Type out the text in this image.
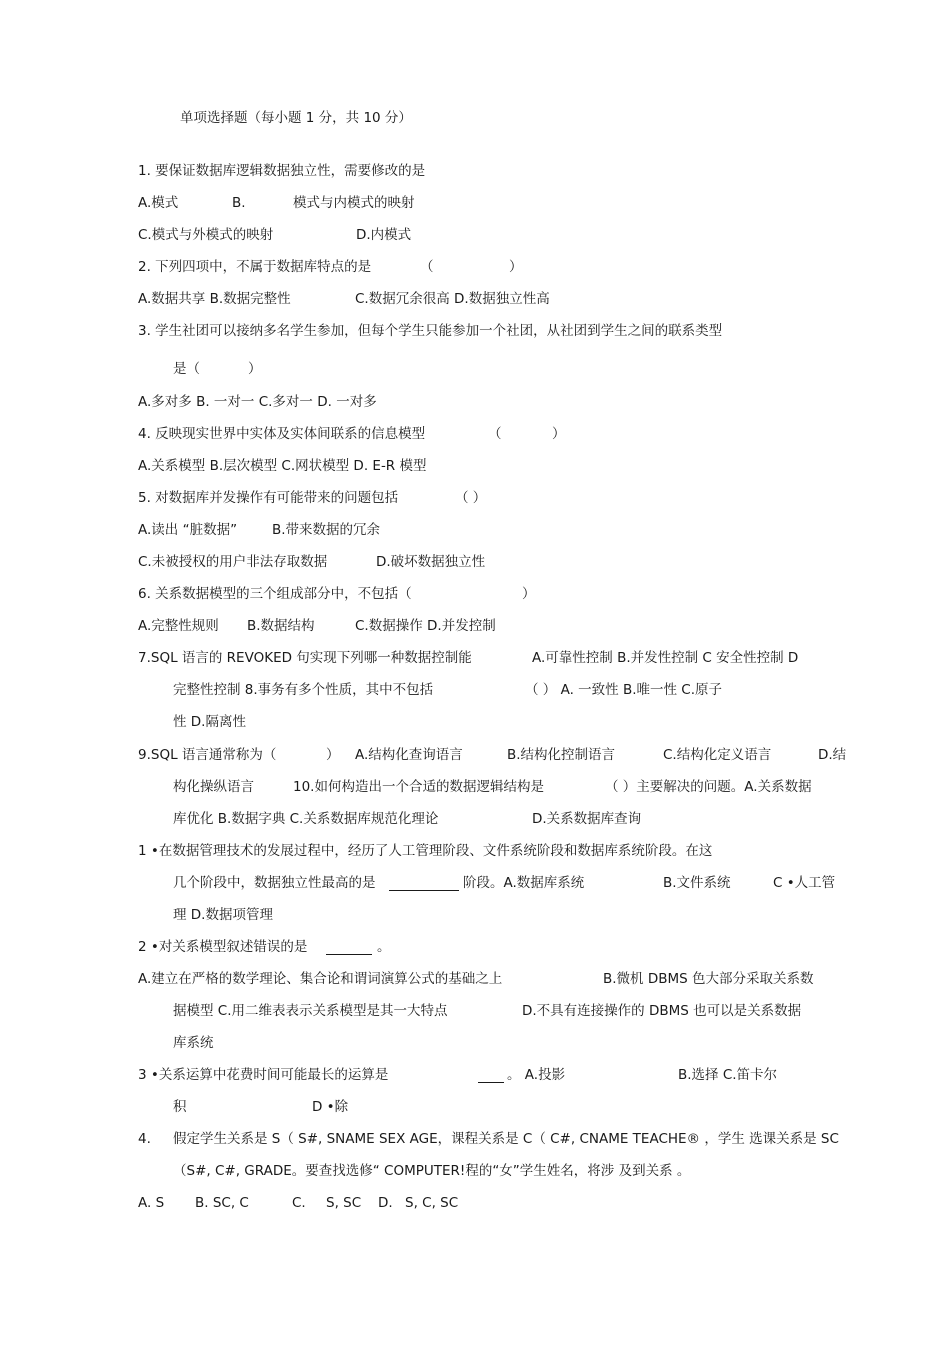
单项选择题（每小题 1 分，共 10 分）
1. 要保证数据库逻辑数据独立性，需要修改的是
A.模式	B.	模式与内模式的映射
C.模式与外模式的映射	D.内模式
2. 下列四项中，不属于数据库特点的是	（	）
A.数据共享 B.数据完整性	C.数据冗余很高 D.数据独立性高
3. 学生社团可以接纳多名学生参加，但每个学生只能参加一个社团，从社团到学生之间的联系类型
是（	）
A.多对多 B. 一对一 C.多对一 D. 一对多
4. 反映现实世界中实体及实体间联系的信息模型	（	）
A.关系模型 B.层次模型 C.网状模型 D. E-R 模型
5. 对数据库并发操作有可能带来的问题包括	（ ）
A.读出 “脏数据”	B.带来数据的冗余
C.未被授权的用户非法存取数据	D.破坏数据独立性
6. 关系数据模型的三个组成部分中，不包括（	）
A.完整性规则 B.数据结构	C.数据操作 D.并发控制
7.SQL 语言的 REVOKED 句实现下列哪一种数据控制能	A.可靠性控制 B.并发性控制 C 安全性控制 D
完整性控制 8.事务有多个性质，其中不包括	（ ） A. 一致性 B.唯一性 C.原子
性 D.隔离性
9.SQL 语言通常称为（	） A.结构化查询语言	B.结构化控制语言	C.结构化定义语言	D.结
构化操纵语言	10.如何构造出一个合适的数据逻辑结构是	（ ）主要解决的问题。A.关系数据
库优化 B.数据字典 C.关系数据库规范化理论	D.关系数据库查询
1 •在数据管理技术的发展过程中，经历了人工管理阶段、文件系统阶段和数据库系统阶段。在这
几个阶段中，数据独立性最高的是	阶段。A.数据库系统	B.文件系统	C •人工管
理 D.数据项管理
2 •对关系模型叙述错误的是	。
A.建立在严格的数学理论、集合论和谓词演算公式的基础之上	B.微机 DBMS 色大部分采取关系数
据模型 C.用二维表表示关系模型是其一大特点	D.不具有连接操作的 DBMS 也可以是关系数据
库系统
3 •关系运算中花费时间可能最长的运算是	。 A.投影	B.选择 C.笛卡尔
积	D •除
4. 假定学生关系是 S（ S#, SNAME SEX AGE，课程关系是 C（ C#, CNAME TEACHE® ，学生 选课关系是 SC
（S#, C#, GRADE。要查找选修“ COMPUTER!程的“女”学生姓名，将涉 及到关系 。
A. S B. SC, C	C. S, SC D. S, C, SC
